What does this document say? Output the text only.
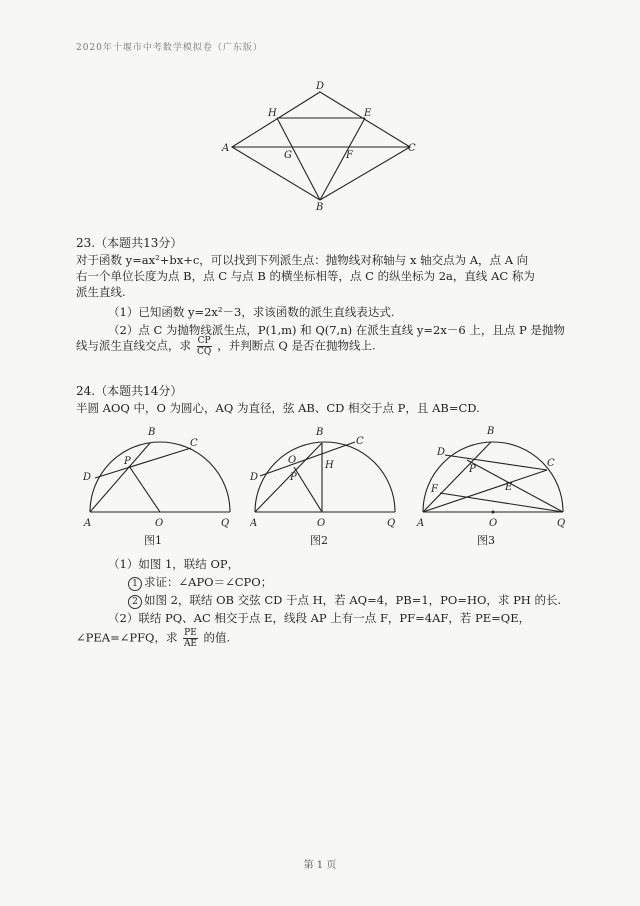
2020年十堰市中考数学模拟卷（广东版）
D
H	E
A
G	F
C
B
23.（本题共13分）
对于函数 y=ax²+bx+c，可以找到下列派生点：抛物线对称轴与 x 轴交点为 A，点 A 向
右一个单位长度为点 B，点 C 与点 B 的横坐标相等，点 C 的纵坐标为 2a，直线 AC 称为
派生直线.
（1）已知函数 y=2x²－3，求该函数的派生直线表达式.
（2）点 C 为抛物线派生点，P(1,m) 和 Q(7,n) 在派生直线 y=2x－6 上，且点 P 是抛物
线与派生直线交点，求 $\frac{CP}{CQ}$ ，并判断点 Q 是否在抛物线上.
24.（本题共14分）
半圆 AOQ 中，O 为圆心，AQ 为直径，弦 AB、CD 相交于点 P，且 AB=CD.
B
C
D
P
A	O	Q
图1
B
C
D
O
P
H
A	O	Q
图2
B
C
D
P
E
F
A	O	Q
图3
（1）如图 1，联结 OP，
1 求证：∠APO＝∠CPO；
2 如图 2，联结 OB 交弦 CD 于点 H，若 AQ=4，PB=1，PO=HO，求 PH 的长.
（2）联结 PQ、AC 相交于点 E，线段 AP 上有一点 F，PF=4AF，若 PE=QE，
∠PEA=∠PFQ，求 $\frac{PE}{AE}$ 的值.
第 1 页
